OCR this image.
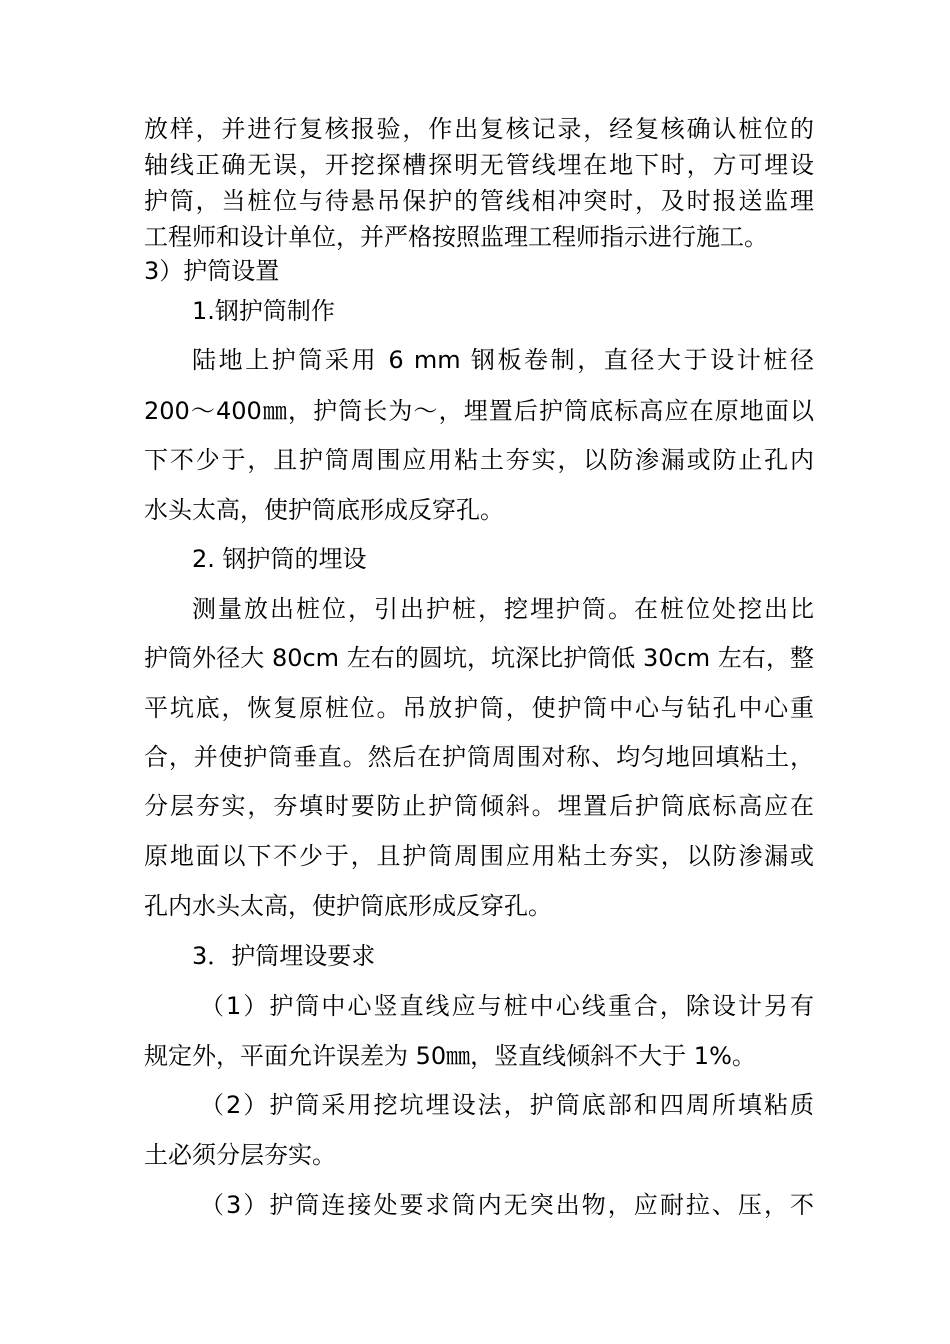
放样，并进行复核报验，作出复核记录，经复核确认桩位的
轴线正确无误，开挖探槽探明无管线埋在地下时，方可埋设
护筒，当桩位与待悬吊保护的管线相冲突时，及时报送监理
工程师和设计单位，并严格按照监理工程师指示进行施工。
3）护筒设置
1.钢护筒制作
陆地上护筒采用 6 mm 钢板卷制，直径大于设计桩径
200～400㎜，护筒长为～，埋置后护筒底标高应在原地面以
下不少于，且护筒周围应用粘土夯实，以防渗漏或防止孔内
水头太高，使护筒底形成反穿孔。
2. 钢护筒的埋设
测量放出桩位，引出护桩，挖埋护筒。在桩位处挖出比
护筒外径大 80cm 左右的圆坑，坑深比护筒低 30cm 左右，整
平坑底，恢复原桩位。吊放护筒，使护筒中心与钻孔中心重
合，并使护筒垂直。然后在护筒周围对称、均匀地回填粘土，
分层夯实，夯填时要防止护筒倾斜。埋置后护筒底标高应在
原地面以下不少于，且护筒周围应用粘土夯实，以防渗漏或
孔内水头太高，使护筒底形成反穿孔。
3．护筒埋设要求
（1）护筒中心竖直线应与桩中心线重合，除设计另有
规定外，平面允许误差为 50㎜，竖直线倾斜不大于 1%。
（2）护筒采用挖坑埋设法，护筒底部和四周所填粘质
土必须分层夯实。
（3）护筒连接处要求筒内无突出物，应耐拉、压，不
